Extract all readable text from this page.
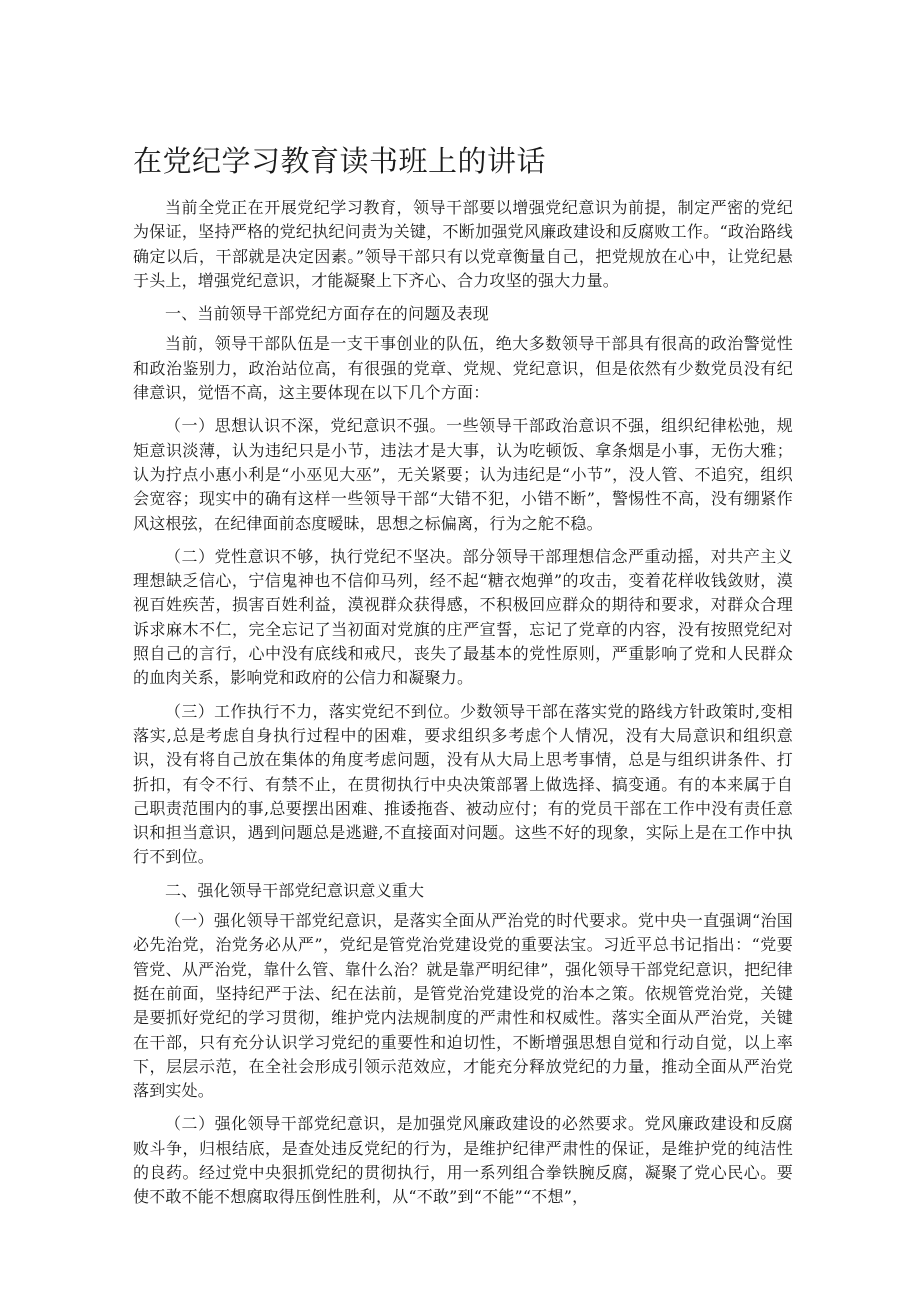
在党纪学习教育读书班上的讲话

当前全党正在开展党纪学习教育，领导干部要以增强党纪意识为前提，制定严密的党纪为保证，坚持严格的党纪执纪问责为关键，不断加强党风廉政建设和反腐败工作。“政治路线确定以后，干部就是决定因素。”领导干部只有以党章衡量自己，把党规放在心中，让党纪悬于头上，增强党纪意识，才能凝聚上下齐心、合力攻坚的强大力量。

一、当前领导干部党纪方面存在的问题及表现

当前，领导干部队伍是一支干事创业的队伍，绝大多数领导干部具有很高的政治警觉性和政治鉴别力，政治站位高，有很强的党章、党规、党纪意识，但是依然有少数党员没有纪律意识，觉悟不高，这主要体现在以下几个方面：

（一）思想认识不深，党纪意识不强。一些领导干部政治意识不强，组织纪律松弛，规矩意识淡薄，认为违纪只是小节，违法才是大事，认为吃顿饭、拿条烟是小事，无伤大雅；认为拧点小惠小利是“小巫见大巫”，无关紧要；认为违纪是“小节”，没人管、不追究，组织会宽容；现实中的确有这样一些领导干部“大错不犯，小错不断”，警惕性不高，没有绷紧作风这根弦，在纪律面前态度暧昧，思想之标偏离，行为之舵不稳。

（二）党性意识不够，执行党纪不坚决。部分领导干部理想信念严重动摇，对共产主义理想缺乏信心，宁信鬼神也不信仰马列，经不起“糖衣炮弹”的攻击，变着花样收钱敛财，漠视百姓疾苦，损害百姓利益，漠视群众获得感，不积极回应群众的期待和要求，对群众合理诉求麻木不仁，完全忘记了当初面对党旗的庄严宣誓，忘记了党章的内容，没有按照党纪对照自己的言行，心中没有底线和戒尺，丧失了最基本的党性原则，严重影响了党和人民群众的血肉关系，影响党和政府的公信力和凝聚力。

（三）工作执行不力，落实党纪不到位。少数领导干部在落实党的路线方针政策时,变相落实,总是考虑自身执行过程中的困难，要求组织多考虑个人情况，没有大局意识和组织意识，没有将自己放在集体的角度考虑问题，没有从大局上思考事情，总是与组织讲条件、打折扣，有令不行、有禁不止，在贯彻执行中央决策部署上做选择、搞变通。有的本来属于自己职责范围内的事,总要摆出困难、推诿拖沓、被动应付；有的党员干部在工作中没有责任意识和担当意识，遇到问题总是逃避,不直接面对问题。这些不好的现象，实际上是在工作中执行不到位。

二、强化领导干部党纪意识意义重大

（一）强化领导干部党纪意识，是落实全面从严治党的时代要求。党中央一直强调“治国必先治党，治党务必从严”，党纪是管党治党建设党的重要法宝。习近平总书记指出：“党要管党、从严治党，靠什么管、靠什么治？就是靠严明纪律”，强化领导干部党纪意识，把纪律挺在前面，坚持纪严于法、纪在法前，是管党治党建设党的治本之策。依规管党治党，关键是要抓好党纪的学习贯彻，维护党内法规制度的严肃性和权威性。落实全面从严治党，关键在干部，只有充分认识学习党纪的重要性和迫切性，不断增强思想自觉和行动自觉，以上率下，层层示范，在全社会形成引领示范效应，才能充分释放党纪的力量，推动全面从严治党落到实处。

（二）强化领导干部党纪意识，是加强党风廉政建设的必然要求。党风廉政建设和反腐败斗争，归根结底，是查处违反党纪的行为，是维护纪律严肃性的保证，是维护党的纯洁性的良药。经过党中央狠抓党纪的贯彻执行，用一系列组合拳铁腕反腐，凝聚了党心民心。要使不敢不能不想腐取得压倒性胜利，从“不敢”到“不能”“不想”，
